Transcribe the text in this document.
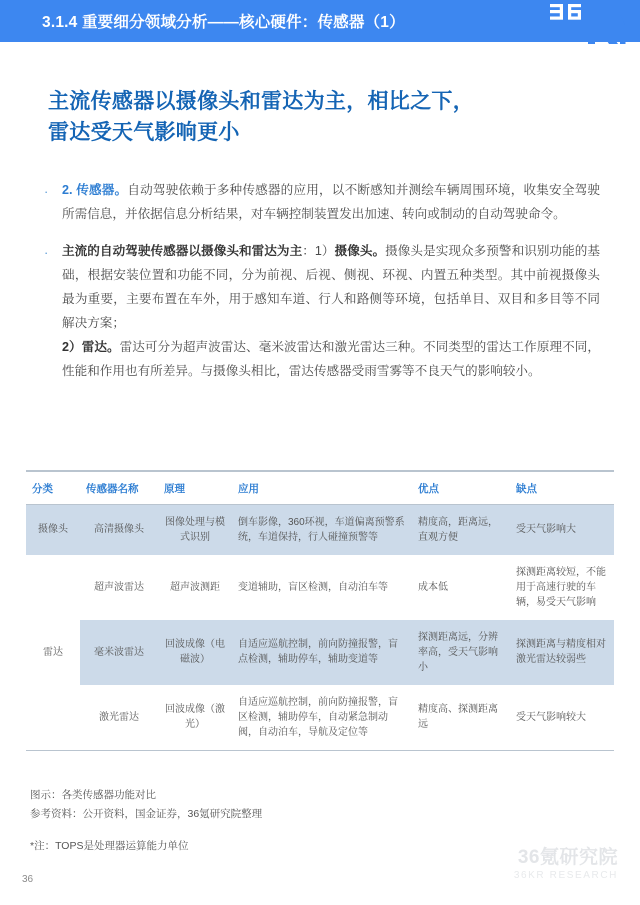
3.1.4 重要细分领域分析——核心硬件：传感器（1）
主流传感器以摄像头和雷达为主，相比之下，
雷达受天气影响更小
·	2. 传感器。自动驾驶依赖于多种传感器的应用，以不断感知并测绘车辆周围环境，收集安全驾驶所需信息，并依据信息分析结果，对车辆控制装置发出加速、转向或制动的自动驾驶命令。
·	主流的自动驾驶传感器以摄像头和雷达为主：1）摄像头。摄像头是实现众多预警和识别功能的基础，根据安装位置和功能不同，分为前视、后视、侧视、环视、内置五种类型。其中前视摄像头最为重要，主要布置在车外，用于感知车道、行人和路侧等环境，包括单目、双目和多目等不同解决方案；
2）雷达。雷达可分为超声波雷达、毫米波雷达和激光雷达三种。不同类型的雷达工作原理不同，性能和作用也有所差异。与摄像头相比，雷达传感器受雨雪雾等不良天气的影响较小。
分类	传感器名称	原理	应用	优点	缺点
摄像头	高清摄像头	图像处理与模式识别	倒车影像，360环视，车道偏离预警系统，车道保持，行人碰撞预警等	精度高，距离远，直观方便	受天气影响大
雷达	超声波雷达	超声波测距	变道辅助，盲区检测，自动泊车等	成本低	探测距离较短，不能用于高速行驶的车辆，易受天气影响
	毫米波雷达	回波成像（电磁波）	自适应巡航控制，前向防撞报警，盲点检测，辅助停车，辅助变道等	探测距离远，分辨率高，受天气影响小	探测距离与精度相对激光雷达较弱些
	激光雷达	回波成像（激光）	自适应巡航控制，前向防撞报警，盲区检测，辅助停车，自动紧急制动阀，自动泊车，导航及定位等	精度高、探测距离远	受天气影响较大
图示：各类传感器功能对比
参考资料：公开资料，国金证券，36氪研究院整理
*注：TOPS是处理器运算能力单位
36
36氪研究院
36KR RESEARCH
